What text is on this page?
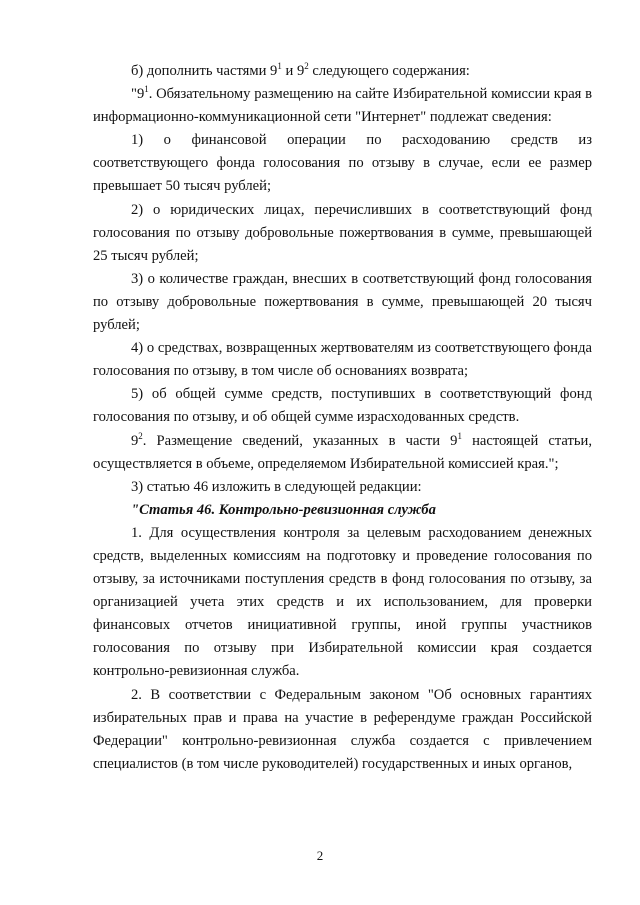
б) дополнить частями $9^1$ и $9^2$ следующего содержания:

"$9^1$. Обязательному размещению на сайте Избирательной комиссии края в информационно-коммуникационной сети "Интернет" подлежат сведения:

1) о финансовой операции по расходованию средств из соответствующего фонда голосования по отзыву в случае, если ее размер превышает 50 тысяч рублей;

2) о юридических лицах, перечисливших в соответствующий фонд голосования по отзыву добровольные пожертвования в сумме, превышающей 25 тысяч рублей;

3) о количестве граждан, внесших в соответствующий фонд голосования по отзыву добровольные пожертвования в сумме, превышающей 20 тысяч рублей;

4) о средствах, возвращенных жертвователям из соответствующего фонда голосования по отзыву, в том числе об основаниях возврата;

5) об общей сумме средств, поступивших в соответствующий фонд голосования по отзыву, и об общей сумме израсходованных средств.

$9^2$. Размещение сведений, указанных в части $9^1$ настоящей статьи, осуществляется в объеме, определяемом Избирательной комиссией края.";

3) статью 46 изложить в следующей редакции:

"Статья 46. Контрольно-ревизионная служба

1. Для осуществления контроля за целевым расходованием денежных средств, выделенных комиссиям на подготовку и проведение голосования по отзыву, за источниками поступления средств в фонд голосования по отзыву, за организацией учета этих средств и их использованием, для проверки финансовых отчетов инициативной группы, иной группы участников голосования по отзыву при Избирательной комиссии края создается контрольно-ревизионная служба.

2. В соответствии с Федеральным законом "Об основных гарантиях избирательных прав и права на участие в референдуме граждан Российской Федерации" контрольно-ревизионная служба создается с привлечением специалистов (в том числе руководителей) государственных и иных органов,

2
